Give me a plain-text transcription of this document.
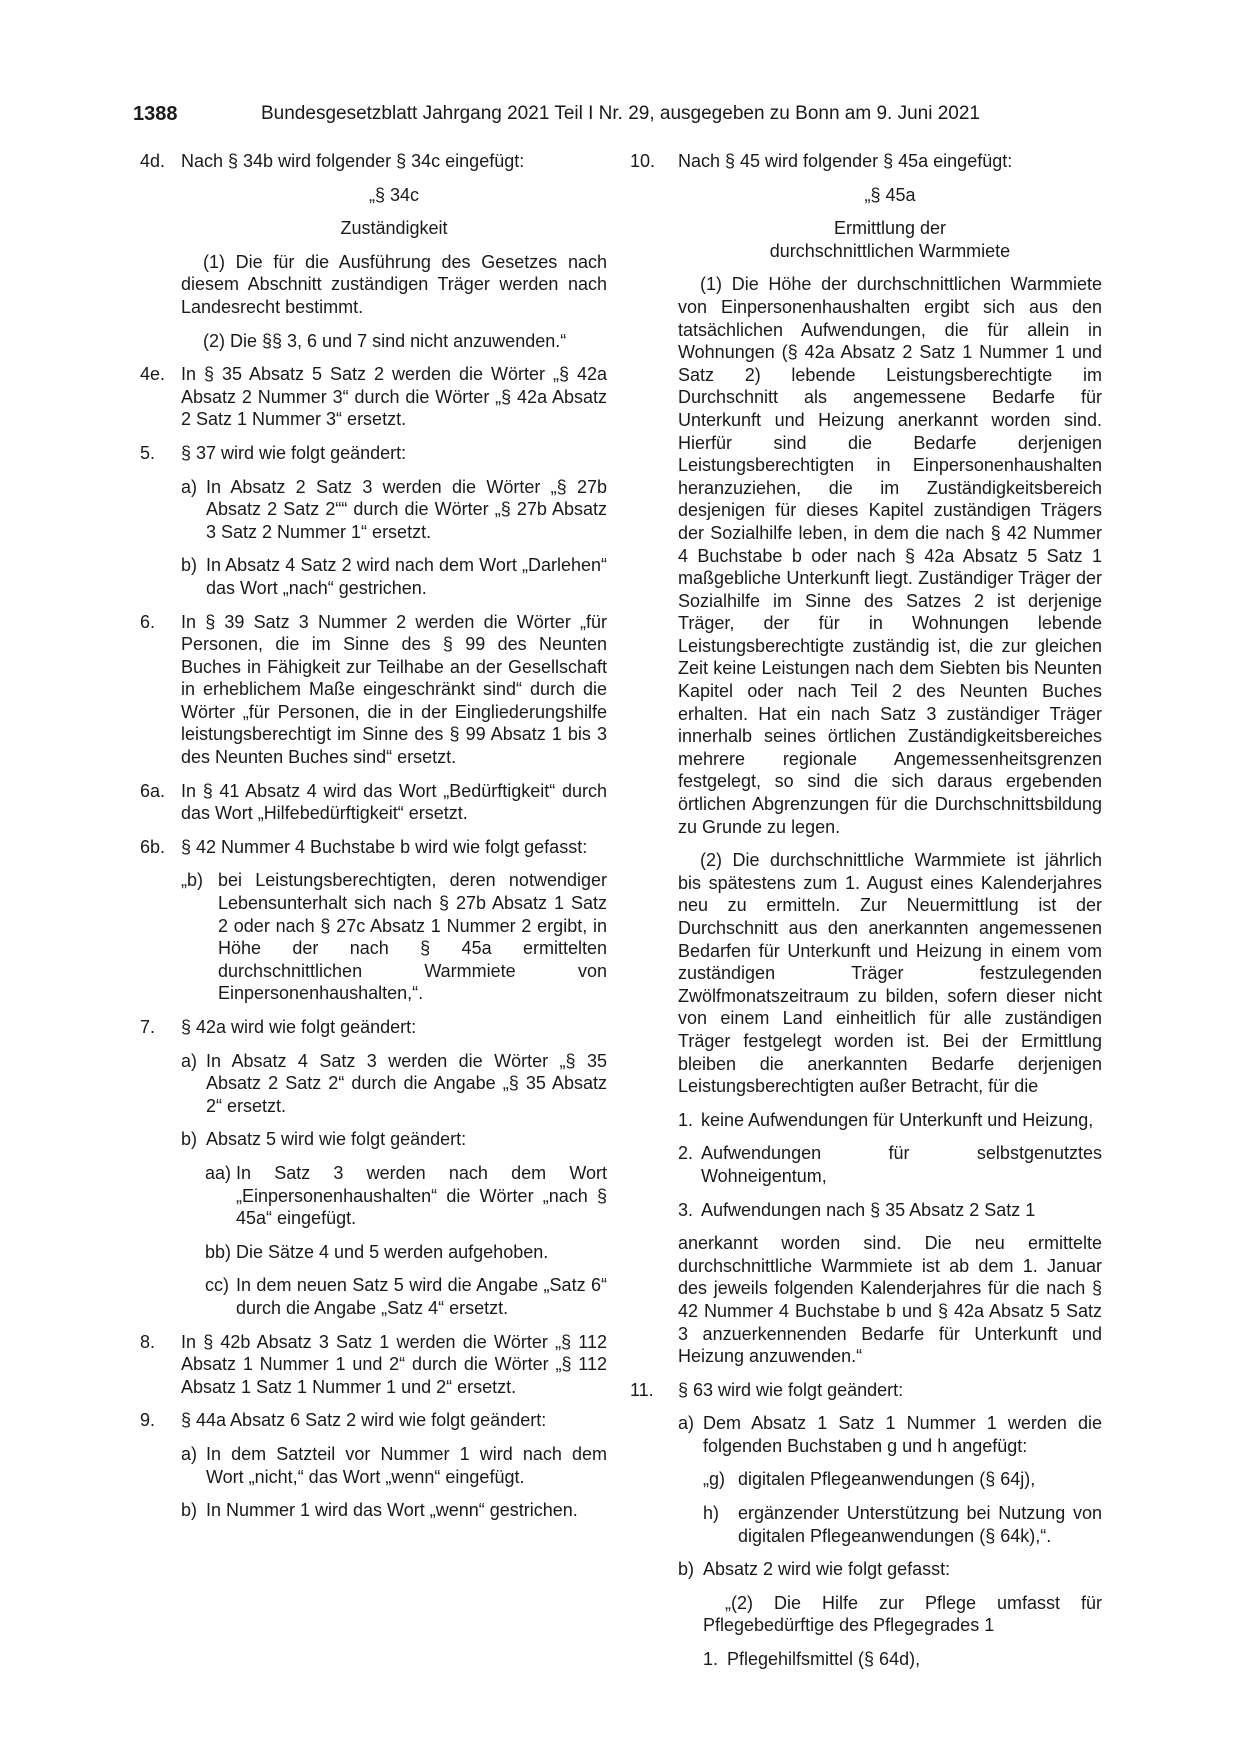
1388	Bundesgesetzblatt Jahrgang 2021 Teil I Nr. 29, ausgegeben zu Bonn am 9. Juni 2021
4d. Nach § 34b wird folgender § 34c eingefügt:
„§ 34c
Zuständigkeit
(1) Die für die Ausführung des Gesetzes nach diesem Abschnitt zuständigen Träger werden nach Landesrecht bestimmt.
(2) Die §§ 3, 6 und 7 sind nicht anzuwenden.“
4e. In § 35 Absatz 5 Satz 2 werden die Wörter „§ 42a Absatz 2 Nummer 3“ durch die Wörter „§ 42a Absatz 2 Satz 1 Nummer 3“ ersetzt.
5. § 37 wird wie folgt geändert:
a) In Absatz 2 Satz 3 werden die Wörter „§ 27b Absatz 2 Satz 2““ durch die Wörter „§ 27b Absatz 3 Satz 2 Nummer 1“ ersetzt.
b) In Absatz 4 Satz 2 wird nach dem Wort „Darlehen“ das Wort „nach“ gestrichen.
6. In § 39 Satz 3 Nummer 2 werden die Wörter „für Personen, die im Sinne des § 99 des Neunten Buches in Fähigkeit zur Teilhabe an der Gesellschaft in erheblichem Maße eingeschränkt sind“ durch die Wörter „für Personen, die in der Eingliederungshilfe leistungsberechtigt im Sinne des § 99 Absatz 1 bis 3 des Neunten Buches sind“ ersetzt.
6a. In § 41 Absatz 4 wird das Wort „Bedürftigkeit“ durch das Wort „Hilfebedürftigkeit“ ersetzt.
6b. § 42 Nummer 4 Buchstabe b wird wie folgt gefasst:
„b) bei Leistungsberechtigten, deren notwendiger Lebensunterhalt sich nach § 27b Absatz 1 Satz 2 oder nach § 27c Absatz 1 Nummer 2 ergibt, in Höhe der nach § 45a ermittelten durchschnittlichen Warmmiete von Einpersonenhaushalten,“.
7. § 42a wird wie folgt geändert:
a) In Absatz 4 Satz 3 werden die Wörter „§ 35 Absatz 2 Satz 2“ durch die Angabe „§ 35 Absatz 2“ ersetzt.
b) Absatz 5 wird wie folgt geändert:
aa) In Satz 3 werden nach dem Wort „Einpersonenhaushalten“ die Wörter „nach § 45a“ eingefügt.
bb) Die Sätze 4 und 5 werden aufgehoben.
cc) In dem neuen Satz 5 wird die Angabe „Satz 6“ durch die Angabe „Satz 4“ ersetzt.
8. In § 42b Absatz 3 Satz 1 werden die Wörter „§ 112 Absatz 1 Nummer 1 und 2“ durch die Wörter „§ 112 Absatz 1 Satz 1 Nummer 1 und 2“ ersetzt.
9. § 44a Absatz 6 Satz 2 wird wie folgt geändert:
a) In dem Satzteil vor Nummer 1 wird nach dem Wort „nicht,“ das Wort „wenn“ eingefügt.
b) In Nummer 1 wird das Wort „wenn“ gestrichen.
10. Nach § 45 wird folgender § 45a eingefügt:
„§ 45a
Ermittlung der
durchschnittlichen Warmmiete
(1) Die Höhe der durchschnittlichen Warmmiete von Einpersonenhaushalten ergibt sich aus den tatsächlichen Aufwendungen, die für allein in Wohnungen (§ 42a Absatz 2 Satz 1 Nummer 1 und Satz 2) lebende Leistungsberechtigte im Durchschnitt als angemessene Bedarfe für Unterkunft und Heizung anerkannt worden sind. Hierfür sind die Bedarfe derjenigen Leistungsberechtigten in Einpersonenhaushalten heranzuziehen, die im Zuständigkeitsbereich desjenigen für dieses Kapitel zuständigen Trägers der Sozialhilfe leben, in dem die nach § 42 Nummer 4 Buchstabe b oder nach § 42a Absatz 5 Satz 1 maßgebliche Unterkunft liegt. Zuständiger Träger der Sozialhilfe im Sinne des Satzes 2 ist derjenige Träger, der für in Wohnungen lebende Leistungsberechtigte zuständig ist, die zur gleichen Zeit keine Leistungen nach dem Siebten bis Neunten Kapitel oder nach Teil 2 des Neunten Buches erhalten. Hat ein nach Satz 3 zuständiger Träger innerhalb seines örtlichen Zuständigkeitsbereiches mehrere regionale Angemessenheitsgrenzen festgelegt, so sind die sich daraus ergebenden örtlichen Abgrenzungen für die Durchschnittsbildung zu Grunde zu legen.
(2) Die durchschnittliche Warmmiete ist jährlich bis spätestens zum 1. August eines Kalenderjahres neu zu ermitteln. Zur Neuermittlung ist der Durchschnitt aus den anerkannten angemessenen Bedarfen für Unterkunft und Heizung in einem vom zuständigen Träger festzulegenden Zwölfmonatszeitraum zu bilden, sofern dieser nicht von einem Land einheitlich für alle zuständigen Träger festgelegt worden ist. Bei der Ermittlung bleiben die anerkannten Bedarfe derjenigen Leistungsberechtigten außer Betracht, für die
1. keine Aufwendungen für Unterkunft und Heizung,
2. Aufwendungen für selbstgenutztes Wohneigentum,
3. Aufwendungen nach § 35 Absatz 2 Satz 1
anerkannt worden sind. Die neu ermittelte durchschnittliche Warmmiete ist ab dem 1. Januar des jeweils folgenden Kalenderjahres für die nach § 42 Nummer 4 Buchstabe b und § 42a Absatz 5 Satz 3 anzuerkennenden Bedarfe für Unterkunft und Heizung anzuwenden.“
11. § 63 wird wie folgt geändert:
a) Dem Absatz 1 Satz 1 Nummer 1 werden die folgenden Buchstaben g und h angefügt:
„g) digitalen Pflegeanwendungen (§ 64j),
h) ergänzender Unterstützung bei Nutzung von digitalen Pflegeanwendungen (§ 64k),“.
b) Absatz 2 wird wie folgt gefasst:
„(2) Die Hilfe zur Pflege umfasst für Pflegebedürftige des Pflegegrades 1
1. Pflegehilfsmittel (§ 64d),
